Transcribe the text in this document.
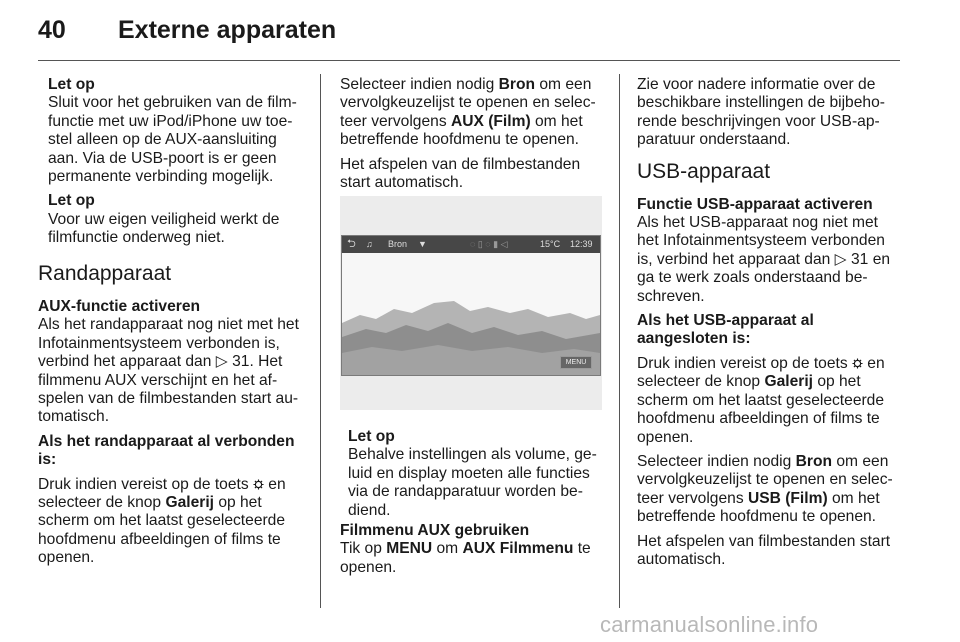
40 Externe apparaten
Let op
Sluit voor het gebruiken van de film-functie met uw iPod/iPhone uw toe-stel alleen op de AUX-aansluiting aan. Via de USB-poort is er geen permanente verbinding mogelijk.
Let op
Voor uw eigen veiligheid werkt de filmfunctie onderweg niet.
Randapparaat

AUX-functie activeren
Als het randapparaat nog niet met het Infotainmentsysteem verbonden is, verbind het apparaat dan ▷ 31. Het filmmenu AUX verschijnt en het af-spelen van de filmbestanden start au-tomatisch.

Als het randapparaat al verbonden is:

Druk indien vereist op de toets  en selecteer de knop Galerij op het scherm om het laatst geselecteerde hoofdmenu afbeeldingen of films te openen.

Selecteer indien nodig Bron om een vervolgkeuzelijst te openen en selec-teer vervolgens AUX (Film) om het betreffende hoofdmenu te openen.

Het afspelen van de filmbestanden start automatisch.

⮌ ♫ Bron ▼	◌ ▯ ◌ ▮ ◁	15°C 12:39
MENU
Let op
Behalve instellingen als volume, ge-luid en display moeten alle functies via de randapparatuur worden be-diend.

Filmmenu AUX gebruiken
Tik op MENU om AUX Filmmenu te openen.

Zie voor nadere informatie over de beschikbare instellingen de bijbeho-rende beschrijvingen voor USB-ap-paratuur onderstaand.

USB-apparaat

Functie USB-apparaat activeren
Als het USB-apparaat nog niet met het Infotainmentsysteem verbonden is, verbind het apparaat dan ▷ 31 en ga te werk zoals onderstaand be-schreven.

Als het USB-apparaat al aangesloten is:

Druk indien vereist op de toets  en selecteer de knop Galerij op het scherm om het laatst geselecteerde hoofdmenu afbeeldingen of films te openen.

Selecteer indien nodig Bron om een vervolgkeuzelijst te openen en selec-teer vervolgens USB (Film) om het betreffende hoofdmenu te openen.

Het afspelen van filmbestanden start automatisch.

carmanualsonline.info
